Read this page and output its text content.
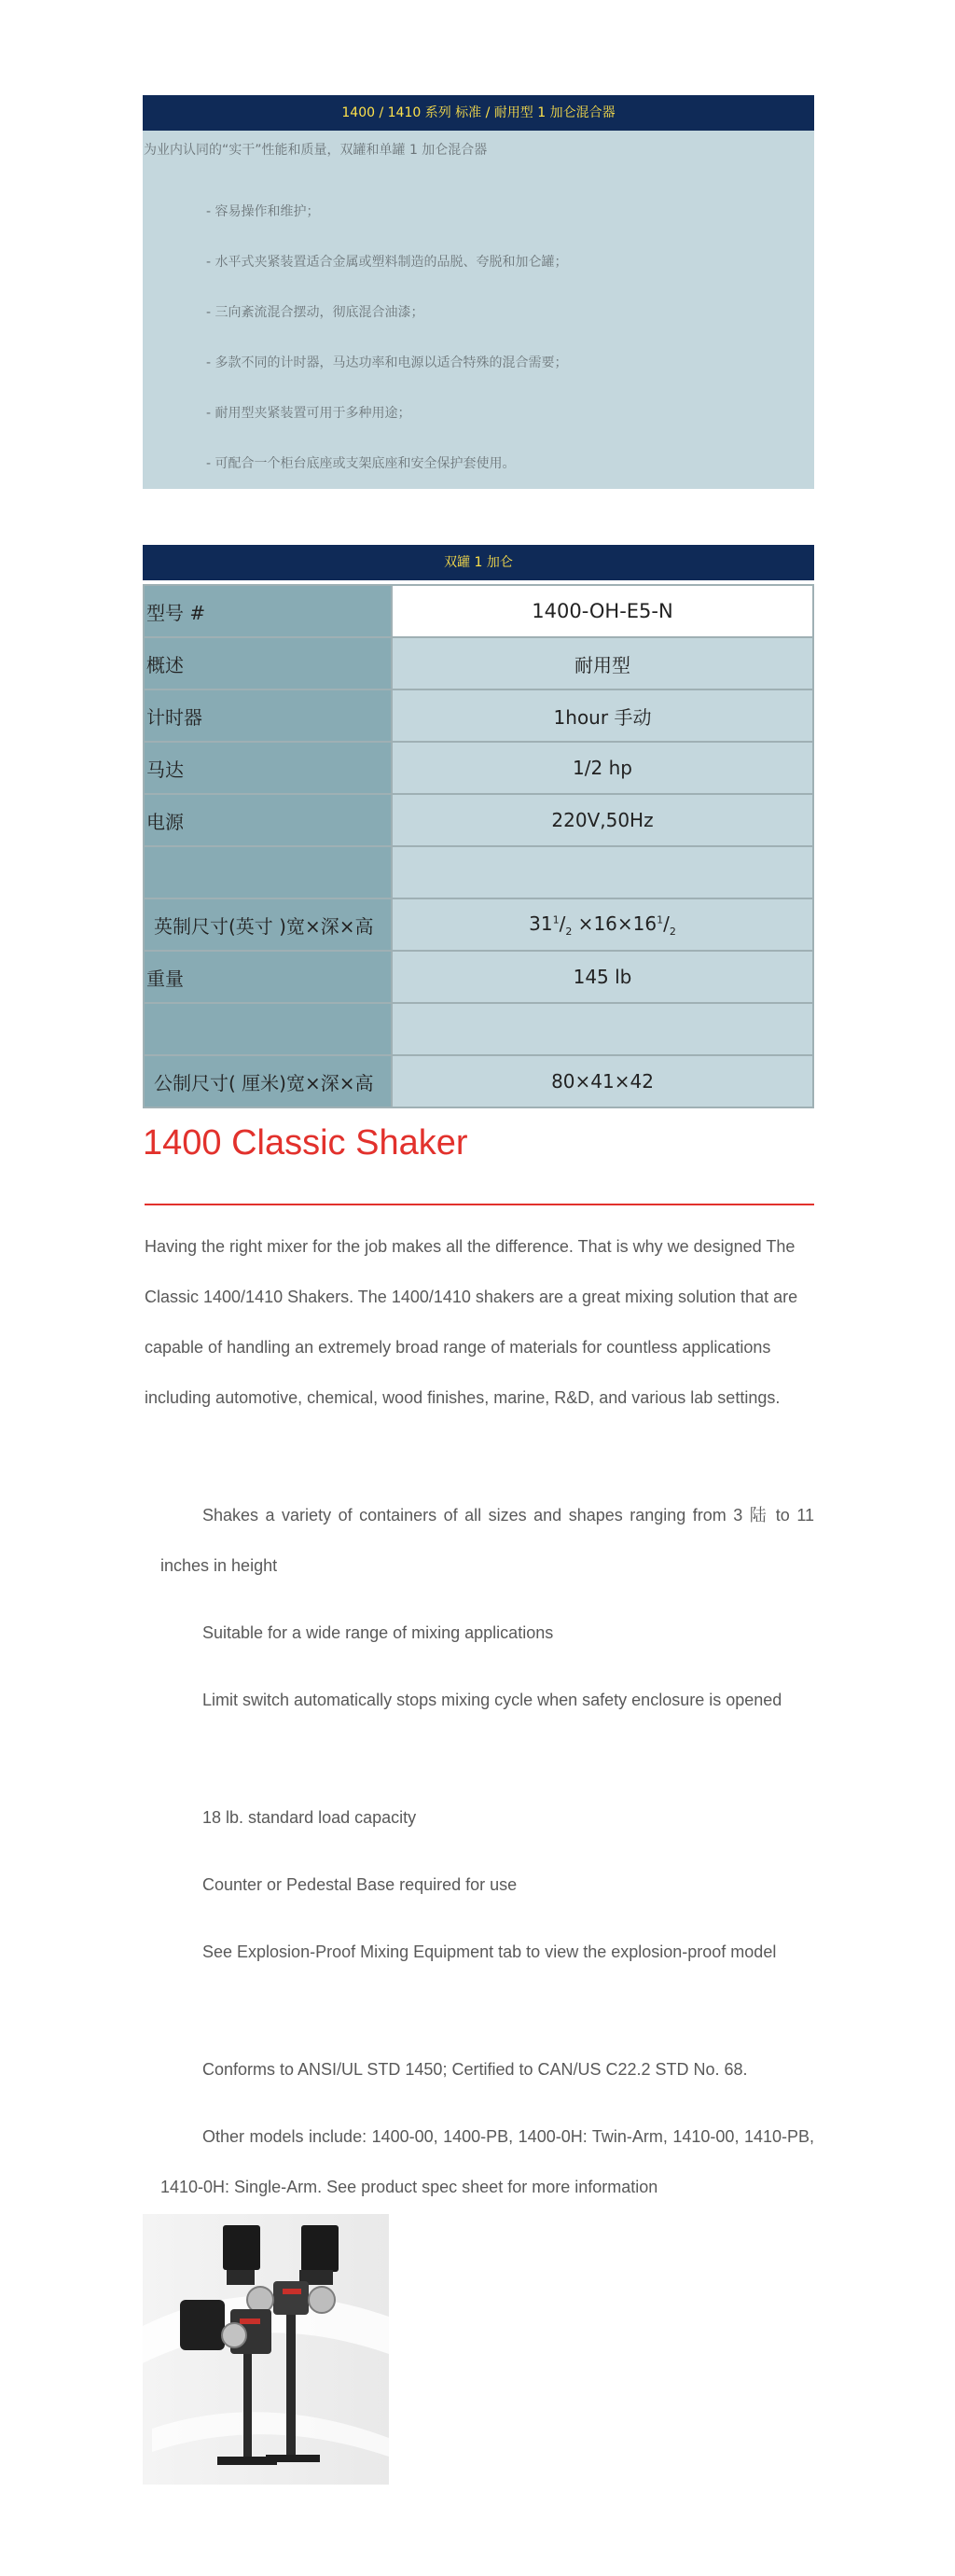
1400 / 1410 系列 标准 / 耐用型 1 加仑混合器
为业内认同的“实干”性能和质量，双罐和单罐 1 加仑混合器
- 容易操作和维护；
- 水平式夹紧装置适合金属或塑料制造的品脱、夸脱和加仑罐；
- 三向紊流混合摆动，彻底混合油漆；
- 多款不同的计时器，马达功率和电源以适合特殊的混合需要；
- 耐用型夹紧装置可用于多种用途；
- 可配合一个柜台底座或支架底座和安全保护套使用。
双罐 1 加仑
型号 #	1400-OH-E5-N
概述	耐用型
计时器	1hour 手动
马达	1/2 hp
电源	220V,50Hz

英制尺寸(英寸 )宽×深×高	$31^1/_2 \times 16\times 16^1/_2$
重量	145 lb

公制尺寸( 厘米)宽×深×高	80×41×42
1400 Classic Shaker

Having the right mixer for the job makes all the difference. That is why we designed The Classic 1400/1410 Shakers. The 1400/1410 shakers are a great mixing solution that are capable of handling an extremely broad range of materials for countless applications including automotive, chemical, wood finishes, marine, R&D, and various lab settings.

Shakes a variety of containers of all sizes and shapes ranging from 3 陆 to 11 inches in height

Suitable for a wide range of mixing applications

Limit switch automatically stops mixing cycle when safety enclosure is opened

18 lb. standard load capacity

Counter or Pedestal Base required for use

See Explosion-Proof Mixing Equipment tab to view the explosion-proof model

Conforms to ANSI/UL STD 1450; Certified to CAN/US C22.2 STD No. 68.

Other models include: 1400-00, 1400-PB, 1400-0H: Twin-Arm, 1410-00, 1410-PB, 1410-0H: Single-Arm. See product spec sheet for more information
